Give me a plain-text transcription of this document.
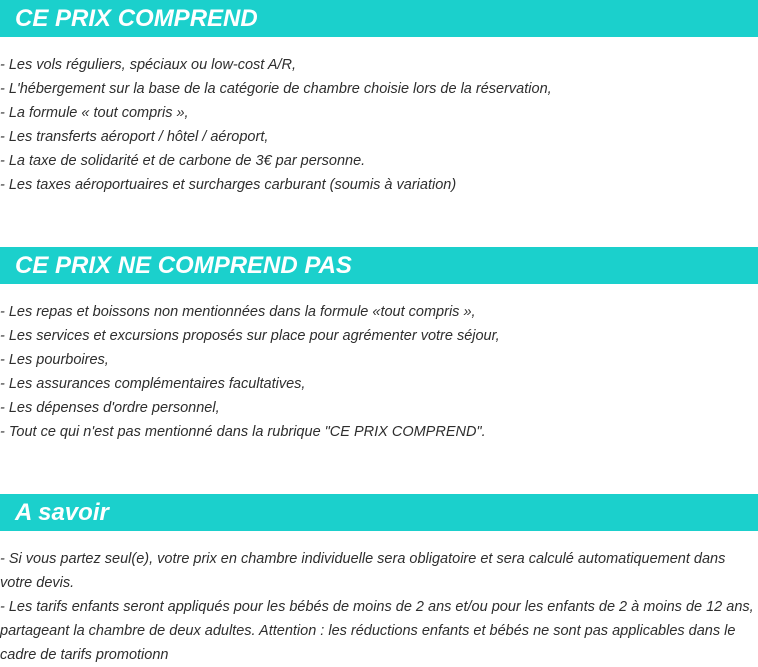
CE PRIX COMPREND
- Les vols réguliers, spéciaux ou low-cost A/R,
- L'hébergement sur la base de la catégorie de chambre choisie lors de la réservation,
- La formule « tout compris »,
- Les transferts aéroport / hôtel / aéroport,
- La taxe de solidarité et de carbone de 3€ par personne.
- Les taxes aéroportuaires et surcharges carburant (soumis à variation)
CE PRIX NE COMPREND PAS
- Les repas et boissons non mentionnées dans la formule «tout compris »,
- Les services et excursions proposés sur place pour agrémenter votre séjour,
- Les pourboires,
- Les assurances complémentaires facultatives,
- Les dépenses d'ordre personnel,
- Tout ce qui n'est pas mentionné dans la rubrique "CE PRIX COMPREND".
A savoir
- Si vous partez seul(e), votre prix en chambre individuelle sera obligatoire et sera calculé automatiquement dans votre devis.
- Les tarifs enfants seront appliqués pour les bébés de moins de 2 ans et/ou pour les enfants de 2 à moins de 12 ans, partageant la chambre de deux adultes. Attention : les réductions enfants et bébés ne sont pas applicables dans le cadre de tarifs promotionn
